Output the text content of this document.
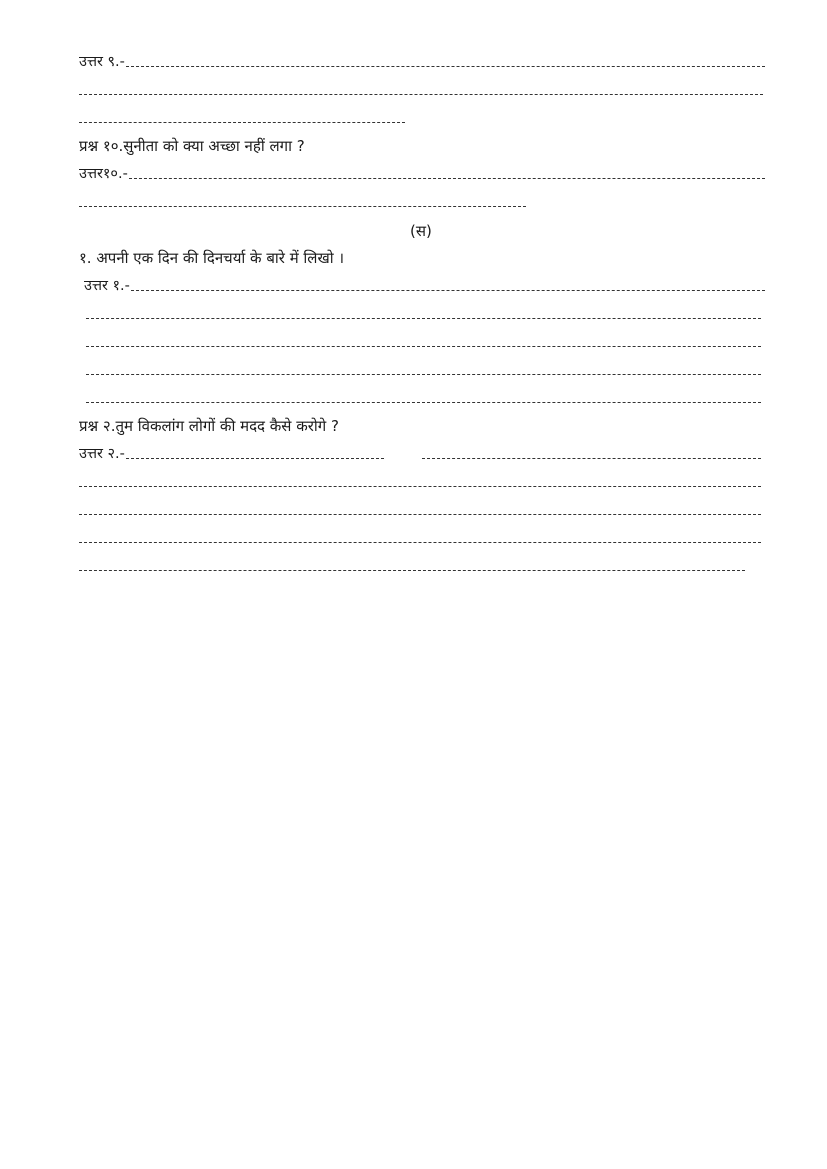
उत्तर ९.-
प्रश्न १०.सुनीता को क्या अच्छा नहीं लगा ?
उत्तर१०.-
(स)
१. अपनी एक दिन की दिनचर्या के बारे में लिखो ।
उत्तर १.-
प्रश्न २.तुम विकलांग लोगों की मदद कैसे करोगे ?
उत्तर २.-
